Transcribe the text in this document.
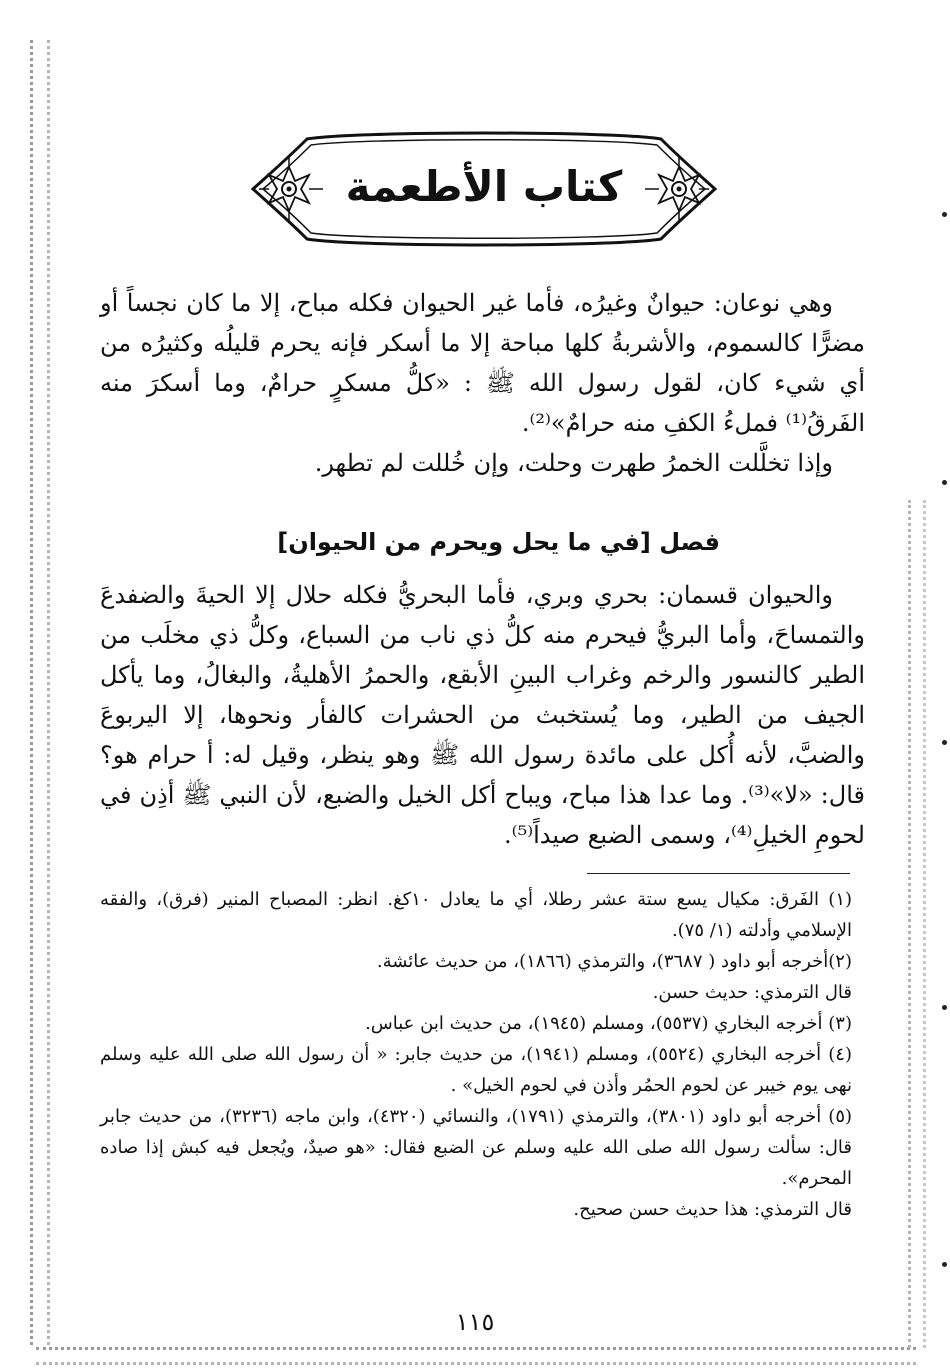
كتاب الأطعمة

وهي نوعان: حيوانٌ وغيرُه، فأما غير الحيوان فكله مباح، إلا ما كان نجساً أو مضرًّا كالسموم، والأشربةُ كلها مباحة إلا ما أسكر فإنه يحرم قليلُه وكثيرُه من أي شيء كان، لقول رسول الله ﷺ : «كلُّ مسكرٍ حرامٌ، وما أسكرَ منه الفَرقُ⁽¹⁾ فملءُ الكفِ منه حرامٌ»⁽²⁾.

وإذا تخلَّلت الخمرُ طهرت وحلت، وإن خُللت لم تطهر.

فصل [في ما يحل ويحرم من الحيوان]

والحيوان قسمان: بحري وبري، فأما البحريُّ فكله حلال إلا الحيةَ والضفدعَ والتمساحَ، وأما البريُّ فيحرم منه كلُّ ذي ناب من السباع، وكلُّ ذي مخلَب من الطير كالنسور والرخم وغراب البينِ الأبقع، والحمرُ الأهليةُ، والبغالُ، وما يأكل الجيف من الطير، وما يُستخبث من الحشرات كالفأر ونحوها، إلا اليربوعَ والضبَّ، لأنه أُكل على مائدة رسول الله ﷺ وهو ينظر، وقيل له: أ حرام هو؟ قال: «لا»⁽³⁾. وما عدا هذا مباح، ويباح أكل الخيل والضبع، لأن النبي ﷺ أذِن في لحومِ الخيلِ⁽⁴⁾، وسمى الضبع صيداً⁽⁵⁾.

(١) الفَرق: مكيال يسع ستة عشر رطلا، أي ما يعادل ١٠كغ. انظر: المصباح المنير (فرق)، والفقه الإسلامي وأدلته (١/ ٧٥).

(٢)أخرجه أبو داود ( ٣٦٨٧)، والترمذي (١٨٦٦)، من حديث عائشة.

قال الترمذي: حديث حسن.

(٣) أخرجه البخاري (٥٥٣٧)، ومسلم (١٩٤٥)، من حديث ابن عباس.

(٤) أخرجه البخاري (٥٥٢٤)، ومسلم (١٩٤١)، من حديث جابر: « أن رسول الله صلى الله عليه وسلم نهى يوم خيبر عن لحوم الحمُر وأذن في لحوم الخيل» .

(٥) أخرجه أبو داود (٣٨٠١)، والترمذي (١٧٩١)، والنسائي (٤٣٢٠)، وابن ماجه (٣٢٣٦)، من حديث جابر قال: سألت رسول الله صلى الله عليه وسلم عن الضبع فقال: «هو صيدٌ، ويُجعل فيه كبش إذا صاده المحرم».

قال الترمذي: هذا حديث حسن صحيح.

١١٥
